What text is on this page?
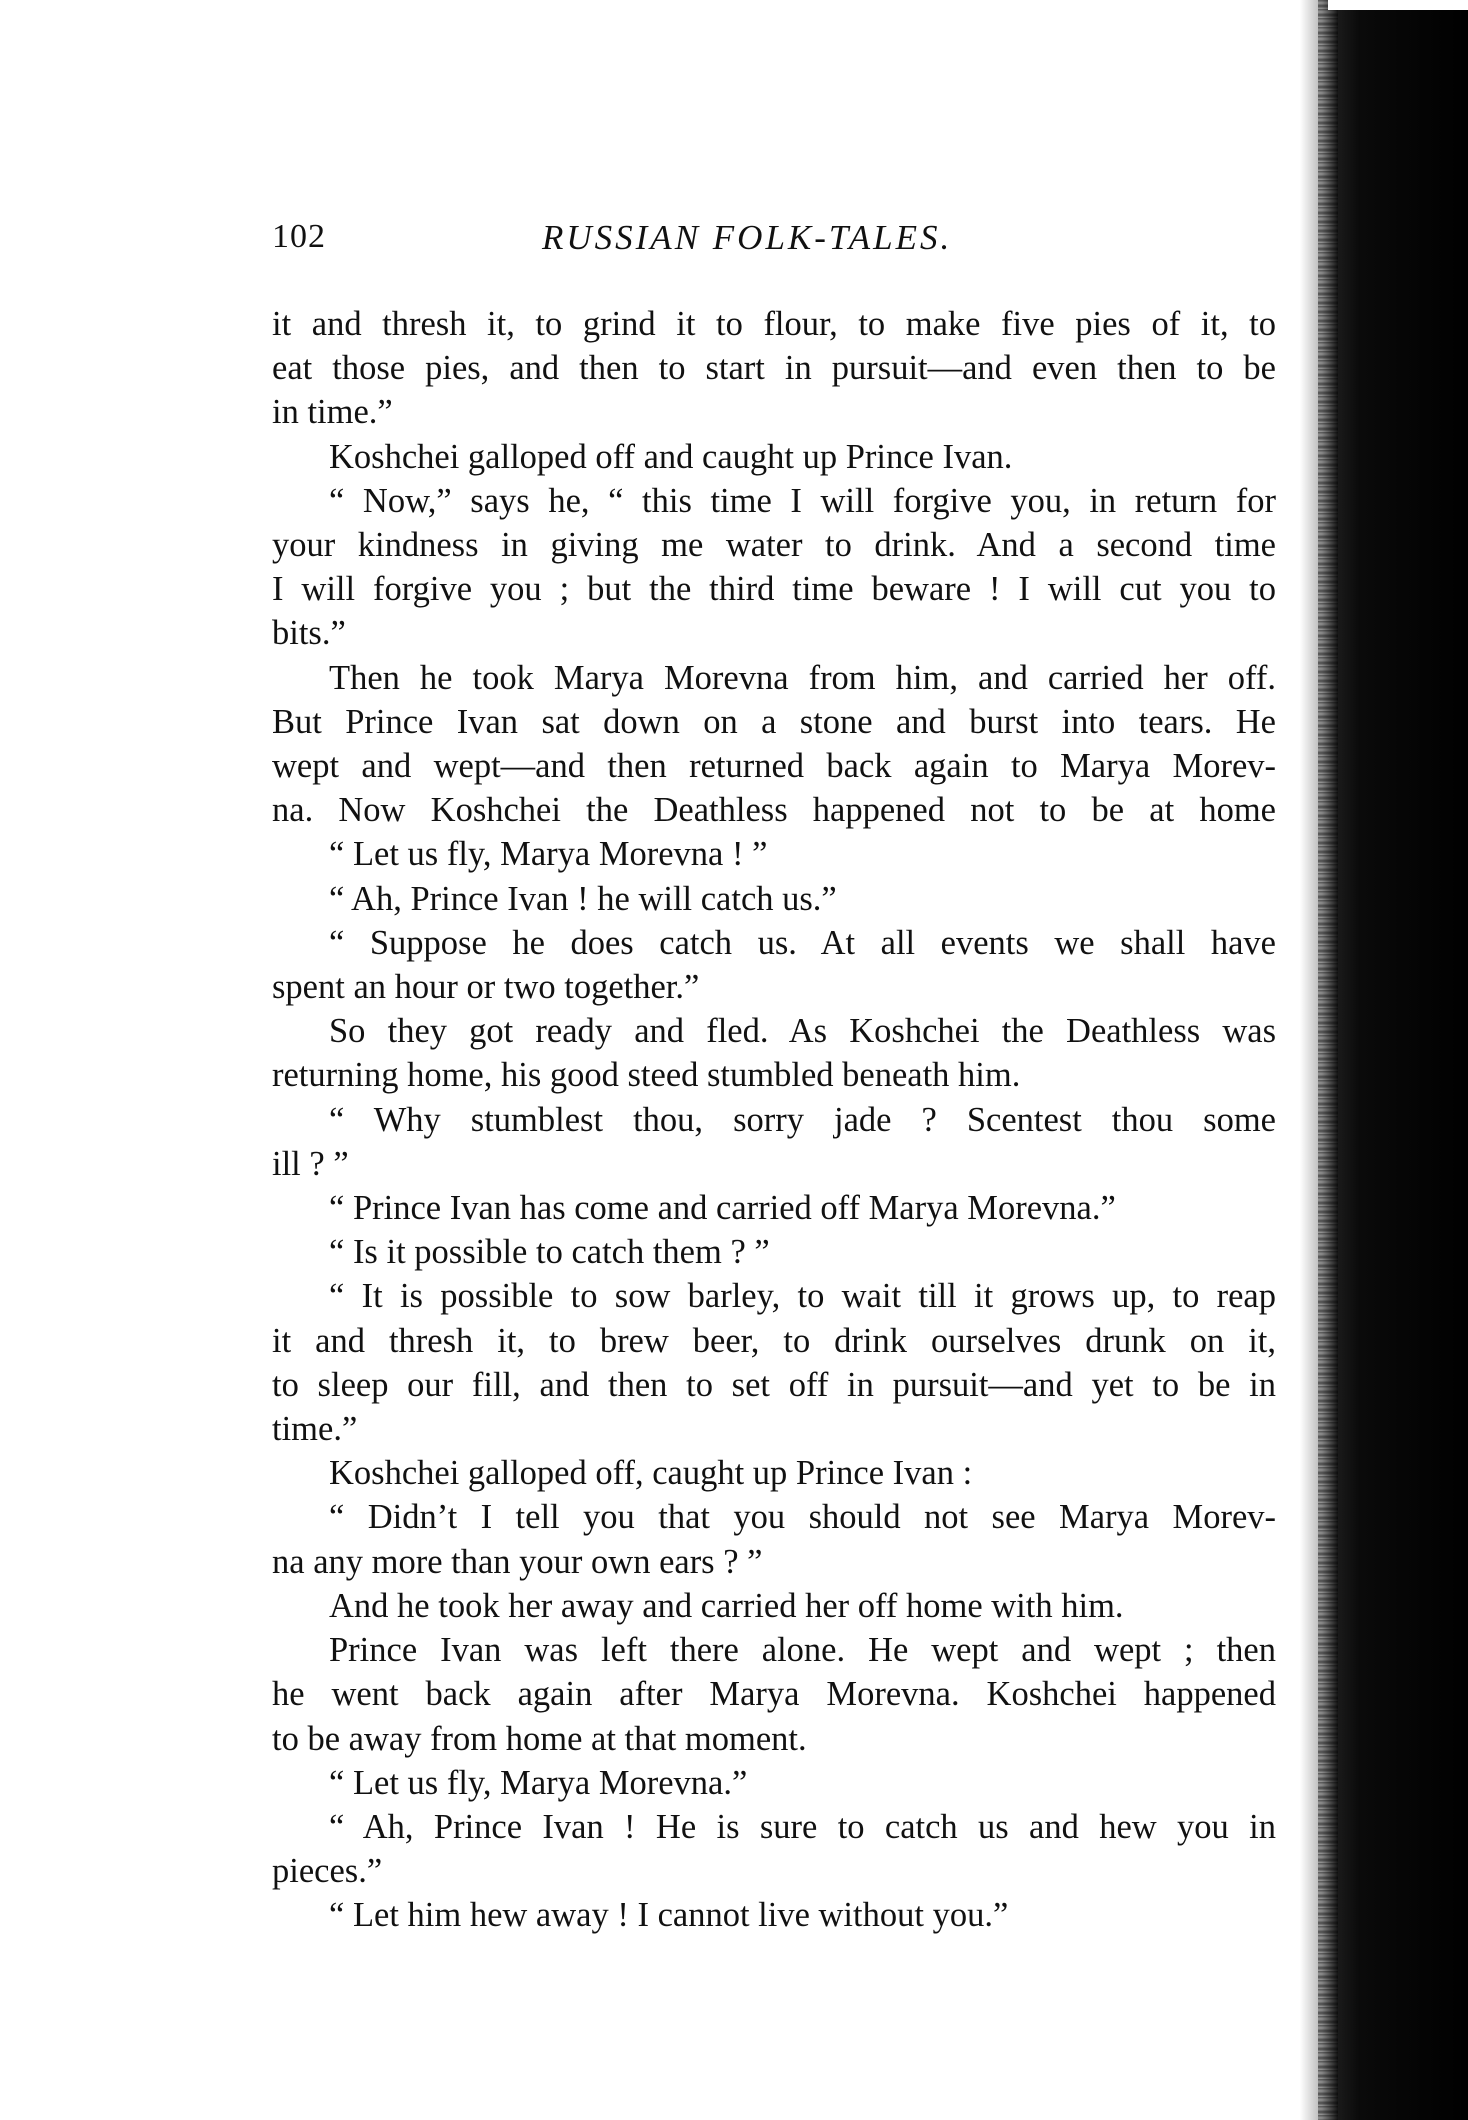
102	RUSSIAN FOLK-TALES.
it and thresh it, to grind it to flour, to make five pies of it, to
eat those pies, and then to start in pursuit—and even then to be
in time.”
Koshchei galloped off and caught up Prince Ivan.
“ Now,” says he, “ this time I will forgive you, in return for
your kindness in giving me water to drink. And a second time
I will forgive you ; but the third time beware ! I will cut you to
bits.”
Then he took Marya Morevna from him, and carried her off.
But Prince Ivan sat down on a stone and burst into tears. He
wept and wept—and then returned back again to Marya Morev-
na. Now Koshchei the Deathless happened not to be at home
“ Let us fly, Marya Morevna ! ”
“ Ah, Prince Ivan ! he will catch us.”
“ Suppose he does catch us. At all events we shall have
spent an hour or two together.”
So they got ready and fled. As Koshchei the Deathless was
returning home, his good steed stumbled beneath him.
“ Why stumblest thou, sorry jade ? Scentest thou some
ill ? ”
“ Prince Ivan has come and carried off Marya Morevna.”
“ Is it possible to catch them ? ”
“ It is possible to sow barley, to wait till it grows up, to reap
it and thresh it, to brew beer, to drink ourselves drunk on it,
to sleep our fill, and then to set off in pursuit—and yet to be in
time.”
Koshchei galloped off, caught up Prince Ivan :
“ Didn’t I tell you that you should not see Marya Morev-
na any more than your own ears ? ”
And he took her away and carried her off home with him.
Prince Ivan was left there alone. He wept and wept ; then
he went back again after Marya Morevna. Koshchei happened
to be away from home at that moment.
“ Let us fly, Marya Morevna.”
“ Ah, Prince Ivan ! He is sure to catch us and hew you in
pieces.”
“ Let him hew away ! I cannot live without you.”
